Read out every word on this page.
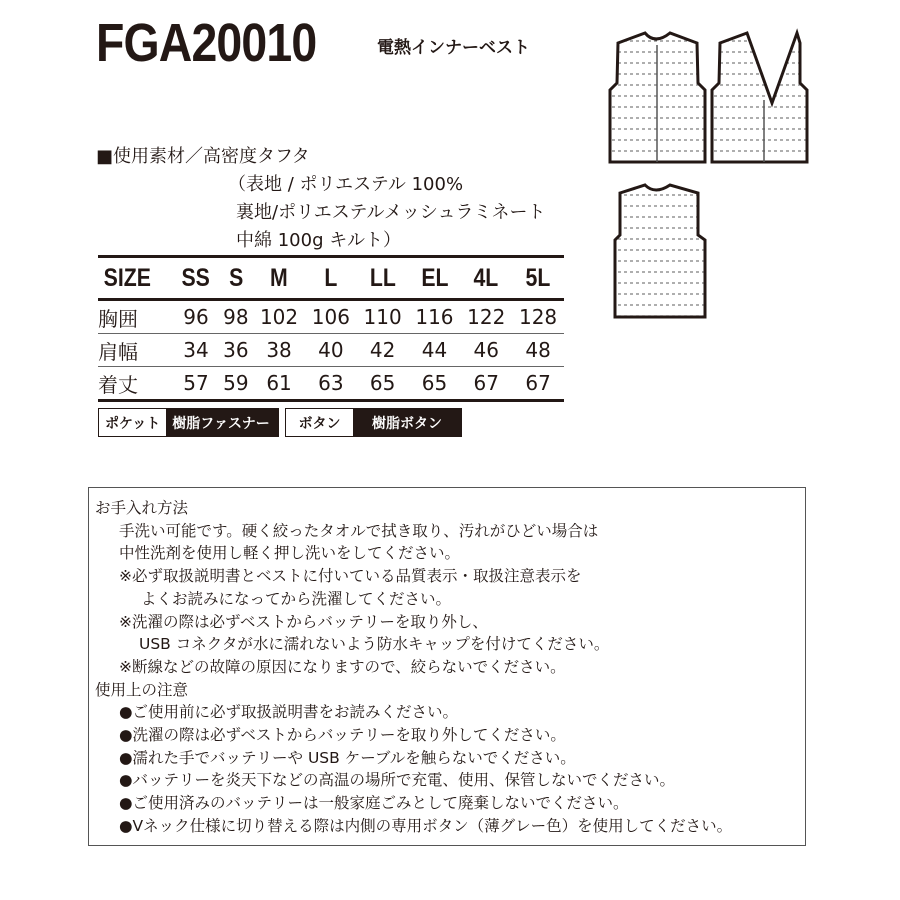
FGA20010	電熱インナーベスト
■使用素材／高密度タフタ
（表地 / ポリエステル 100%
裏地/ポリエステルメッシュラミネート
中綿 100g キルト）
SIZE	SS	S	M	L	LL	EL	4L	5L
胸囲	96	98	102	106	110	116	122	128
肩幅	34	36	38	40	42	44	46	48
着丈	57	59	61	63	65	65	67	67
ポケット 樹脂ファスナー	ボタン	樹脂ボタン
お手入れ方法
手洗い可能です。硬く絞ったタオルで拭き取り、汚れがひどい場合は
中性洗剤を使用し軽く押し洗いをしてください。
※必ず取扱説明書とベストに付いている品質表示・取扱注意表示を
よくお読みになってから洗濯してください。
※洗濯の際は必ずベストからバッテリーを取り外し、
USB コネクタが水に濡れないよう防水キャップを付けてください。
※断線などの故障の原因になりますので、絞らないでください。
使用上の注意
●ご使用前に必ず取扱説明書をお読みください。
●洗濯の際は必ずベストからバッテリーを取り外してください。
●濡れた手でバッテリーや USB ケーブルを触らないでください。
●バッテリーを炎天下などの高温の場所で充電、使用、保管しないでください。
●ご使用済みのバッテリーは一般家庭ごみとして廃棄しないでください。
●Vネック仕様に切り替える際は内側の専用ボタン（薄グレー色）を使用してください。
